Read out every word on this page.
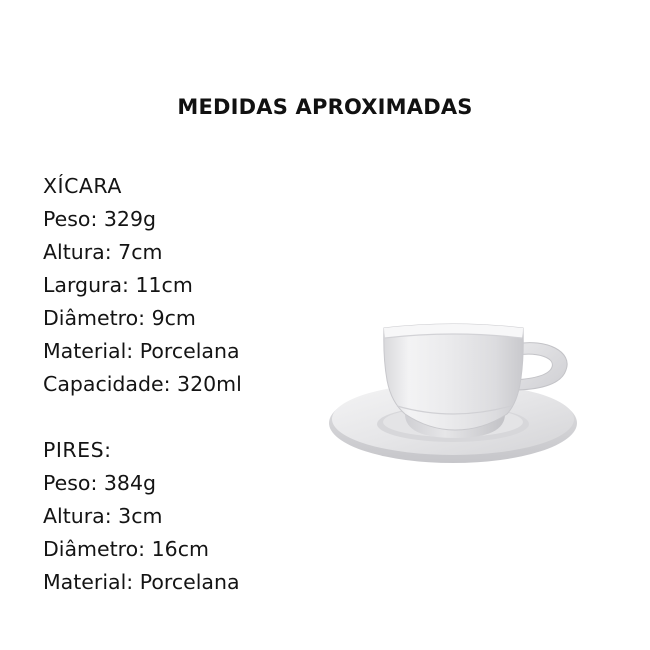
MEDIDAS APROXIMADAS
XÍCARA
Peso: 329g
Altura: 7cm
Largura: 11cm
Diâmetro: 9cm
Material: Porcelana
Capacidade: 320ml
PIRES:
Peso: 384g
Altura: 3cm
Diâmetro: 16cm
Material: Porcelana
